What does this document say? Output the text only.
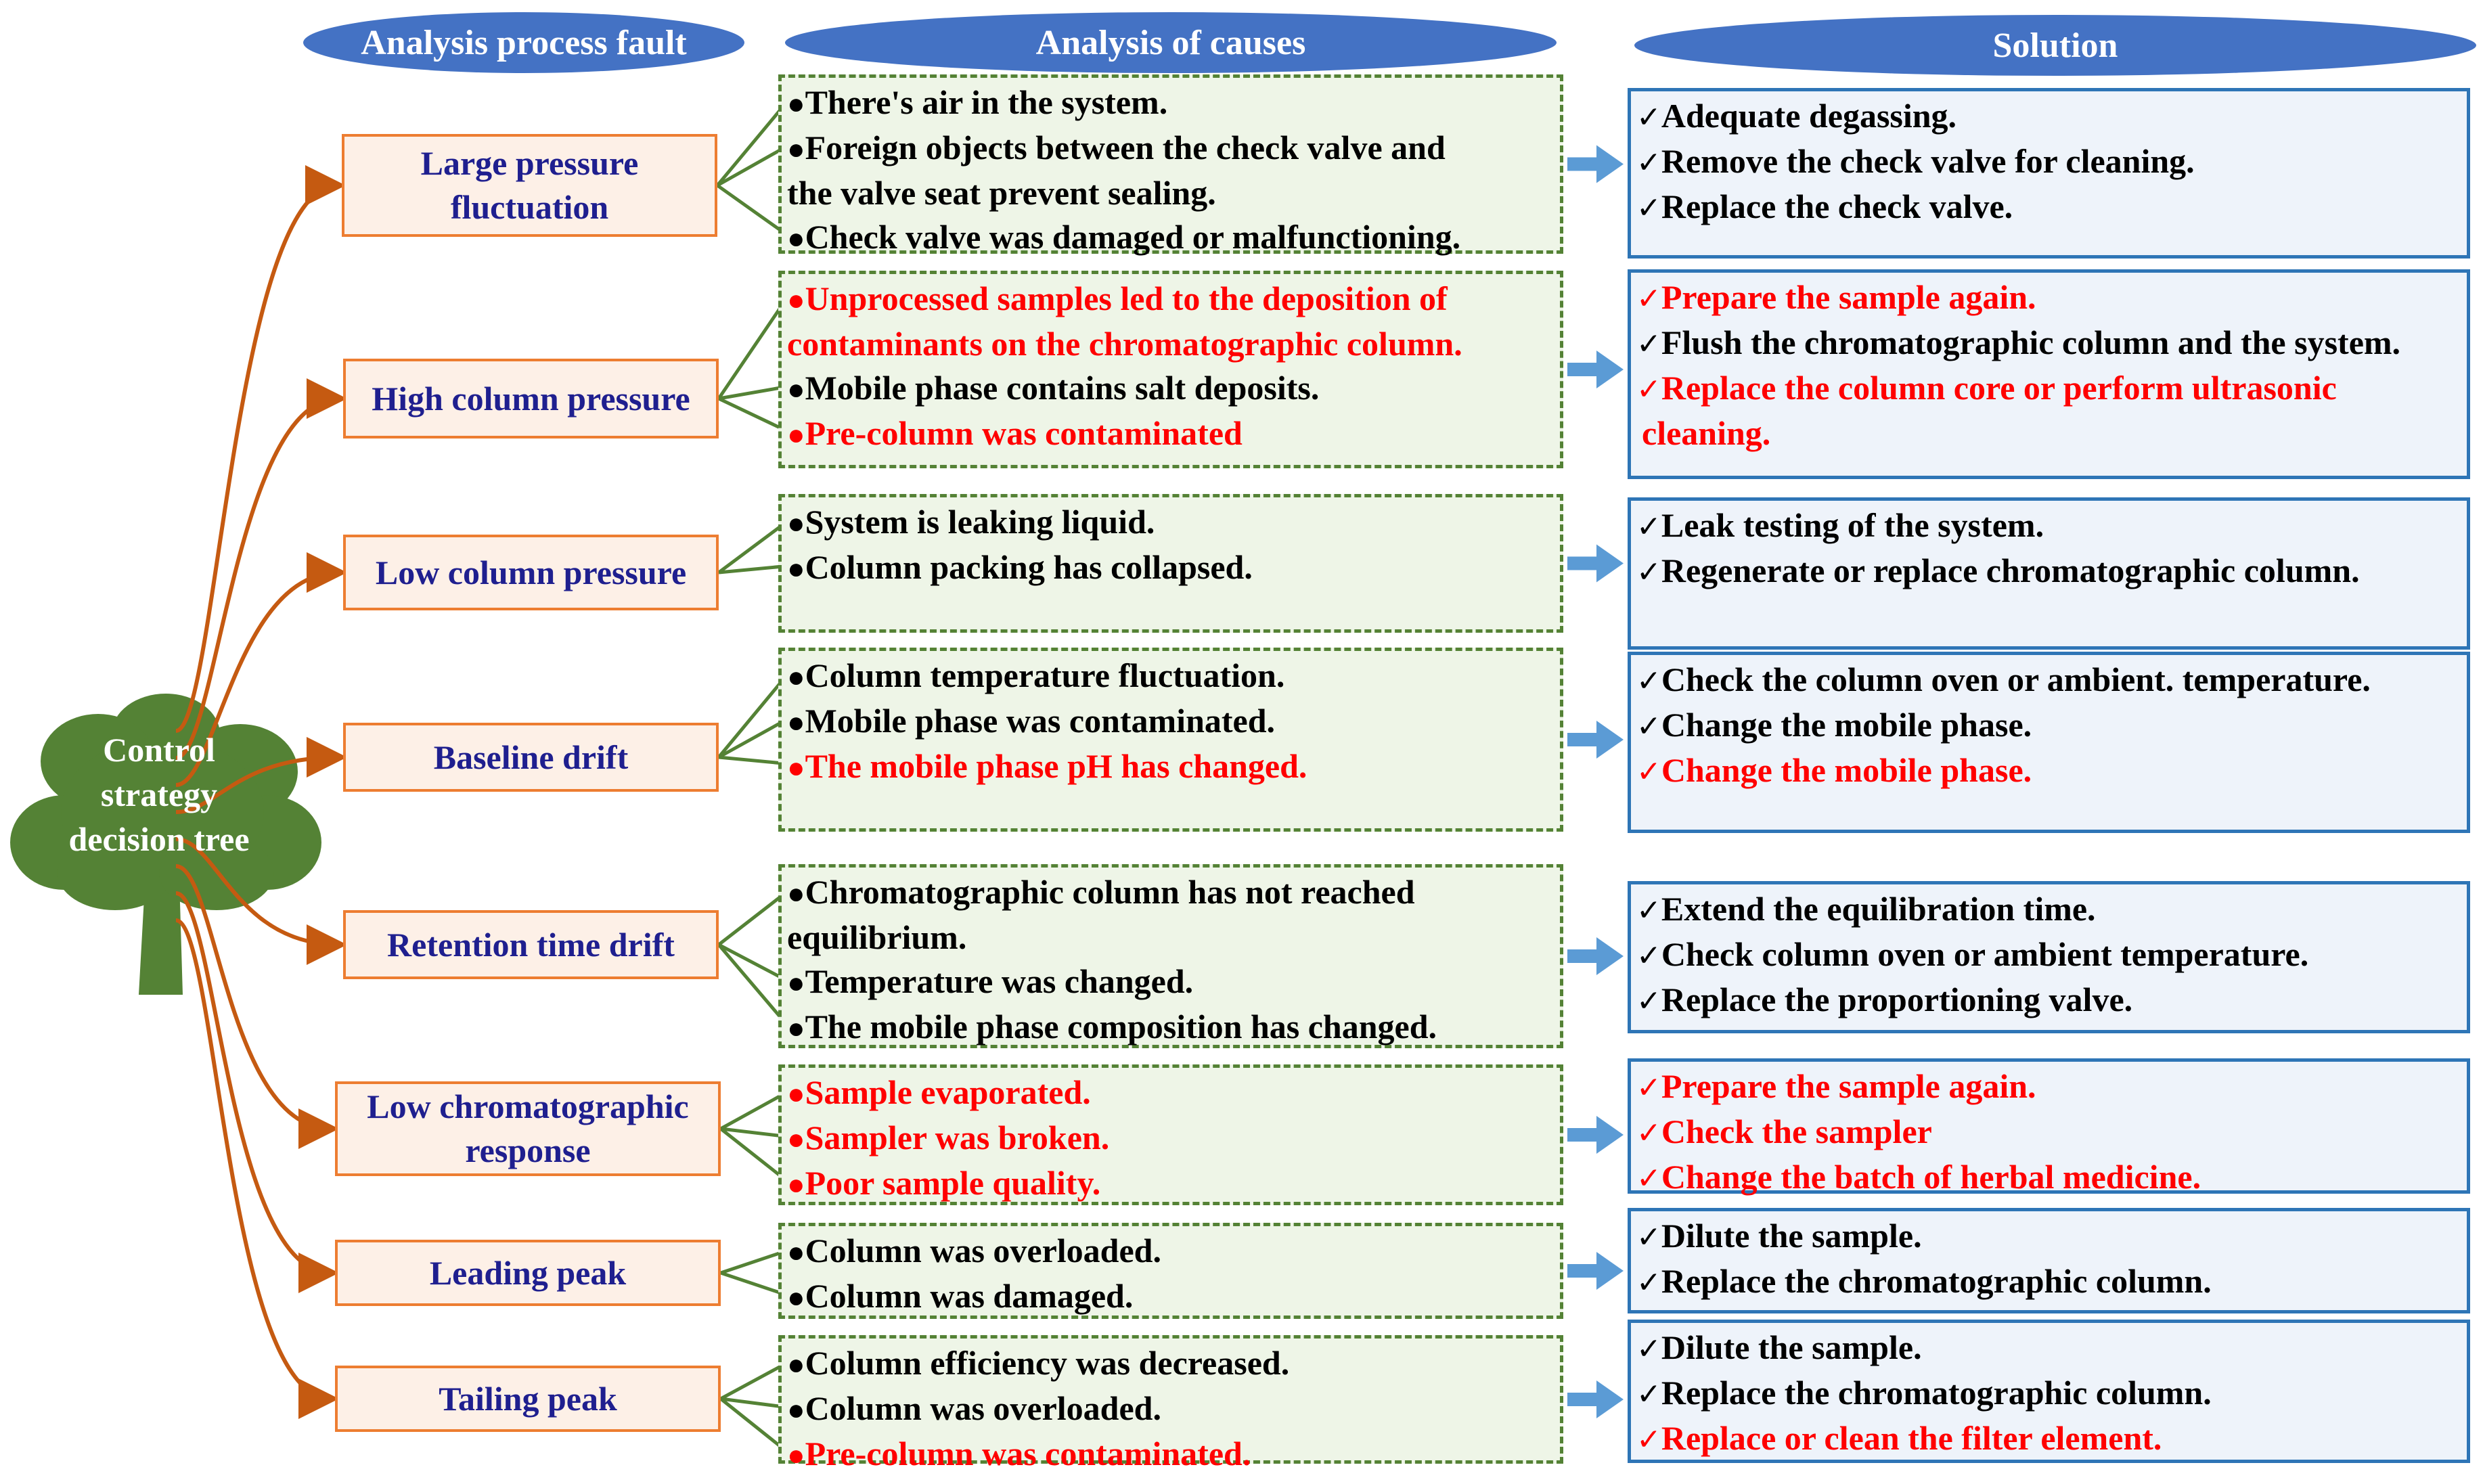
Analysis process fault	Analysis of causes	Solution
Control
strategy
decision tree
Large pressure
fluctuation
●There's air in the system.
●Foreign objects between the check valve and
the valve seat prevent sealing.
●Check valve was damaged or malfunctioning.
✓Adequate degassing.
✓Remove the check valve for cleaning.
✓Replace the check valve.
High column pressure
●Unprocessed samples led to the deposition of
contaminants on the chromatographic column.
●Mobile phase contains salt deposits.
●Pre-column was contaminated
✓Prepare the sample again.
✓Flush the chromatographic column and the system.
✓Replace the column core or perform ultrasonic
cleaning.
Low column pressure
●System is leaking liquid.
●Column packing has collapsed.
✓Leak testing of the system.
✓Regenerate or replace chromatographic column.
Baseline drift
●Column temperature fluctuation.
●Mobile phase was contaminated.
●The mobile phase pH has changed.
✓Check the column oven or ambient. temperature.
✓Change the mobile phase.
✓Change the mobile phase.
Retention time drift
●Chromatographic column has not reached
equilibrium.
●Temperature was changed.
●The mobile phase composition has changed.
✓Extend the equilibration time.
✓Check column oven or ambient temperature.
✓Replace the proportioning valve.
Low chromatographic
response
●Sample evaporated.
●Sampler was broken.
●Poor sample quality.
✓Prepare the sample again.
✓Check the sampler
✓Change the batch of herbal medicine.
Leading peak
●Column was overloaded.
●Column was damaged.
✓Dilute the sample.
✓Replace the chromatographic column.
Tailing peak
●Column efficiency was decreased.
●Column was overloaded.
●Pre-column was contaminated.
✓Dilute the sample.
✓Replace the chromatographic column.
✓Replace or clean the filter element.
